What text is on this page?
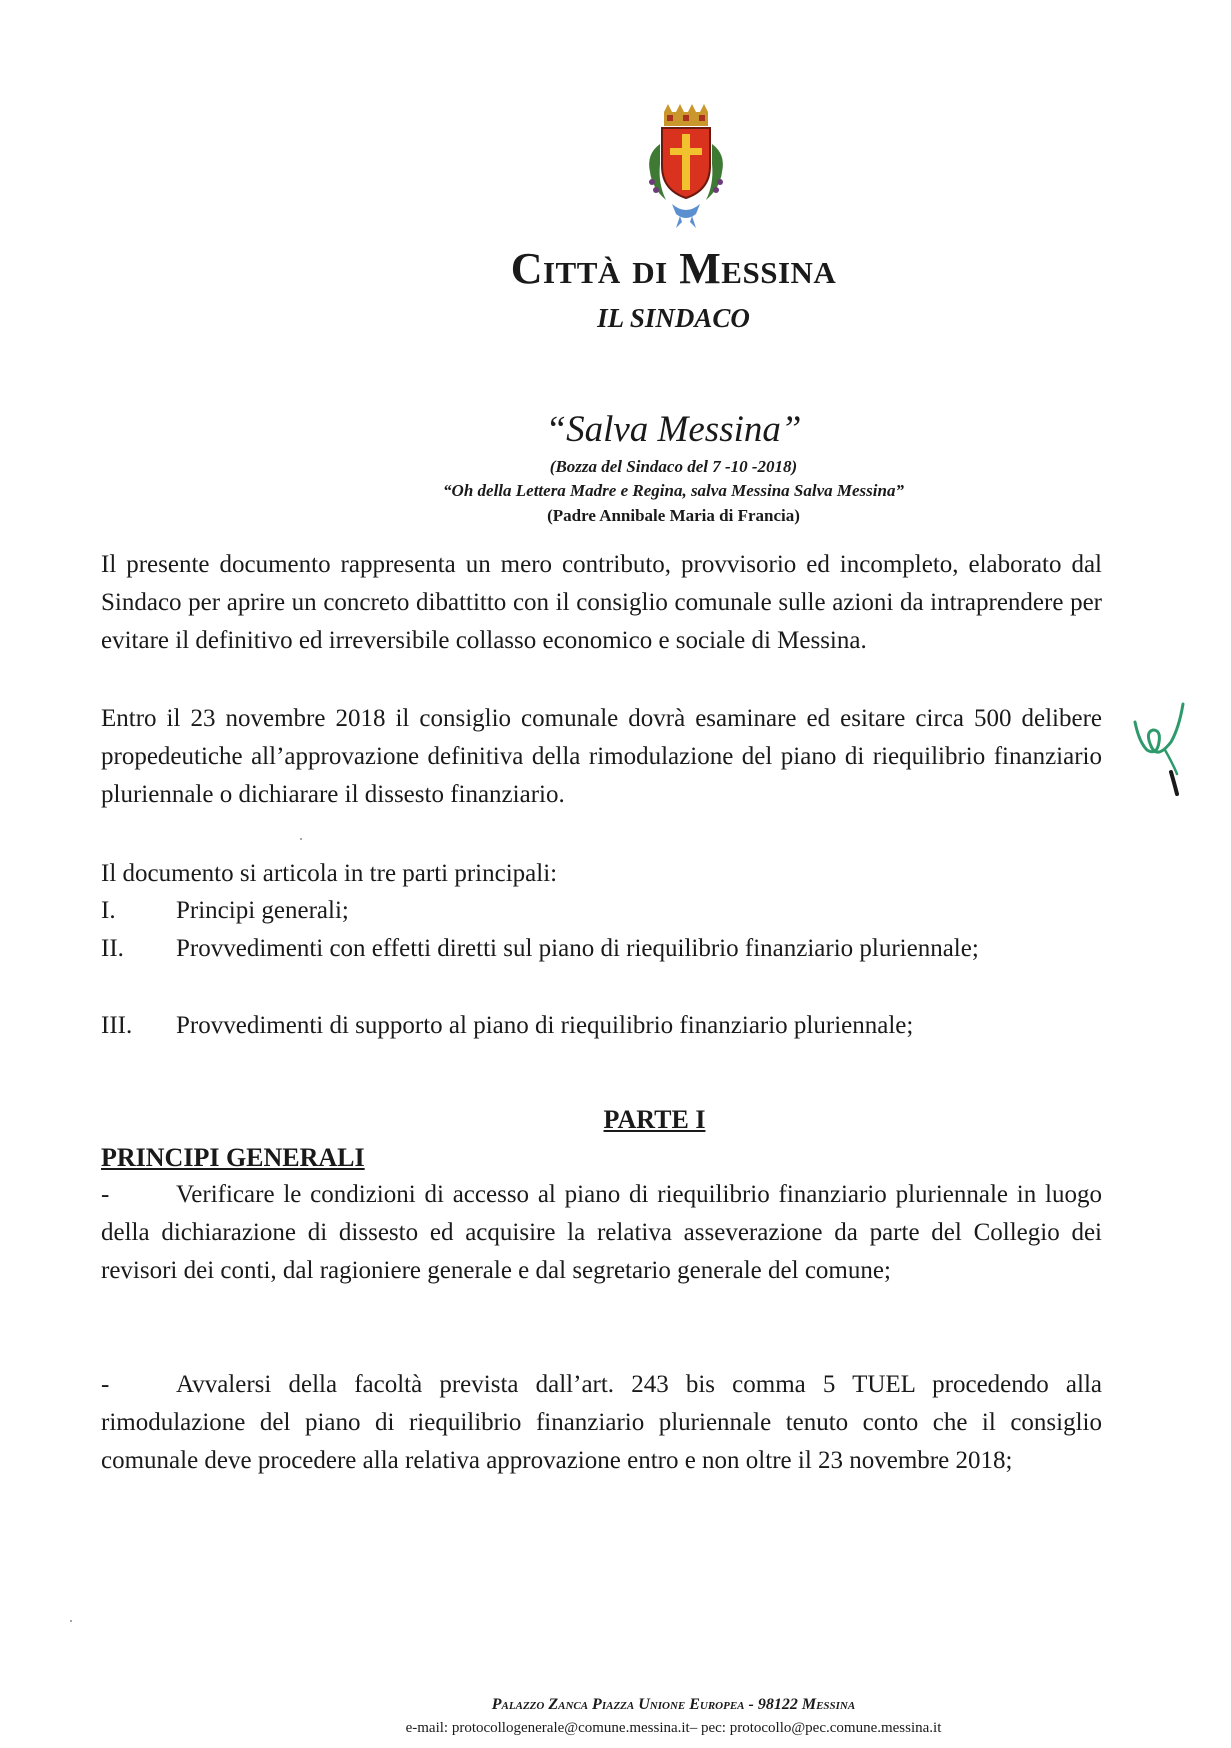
Città di Messina
IL SINDACO
“Salva Messina”
(Bozza del Sindaco del 7 -10 -2018)
“Oh della Lettera Madre e Regina, salva Messina Salva Messina”
(Padre Annibale Maria di Francia)

Il presente documento rappresenta un mero contributo, provvisorio ed incompleto, elaborato dal Sindaco per aprire un concreto dibattitto con il consiglio comunale sulle azioni da intraprendere per evitare il definitivo ed irreversibile collasso economico e sociale di Messina.

Entro il 23 novembre 2018 il consiglio comunale dovrà esaminare ed esitare circa 500 delibere propedeutiche all’approvazione definitiva della rimodulazione del piano di riequilibrio finanziario pluriennale o dichiarare il dissesto finanziario.

Il documento si articola in tre parti principali:
I.	Principi generali;
II.	Provvedimenti con effetti diretti sul piano di riequilibrio finanziario pluriennale;
III.	Provvedimenti di supporto al piano di riequilibrio finanziario pluriennale;
PARTE I
PRINCIPI GENERALI
-	Verificare le condizioni di accesso al piano di riequilibrio finanziario pluriennale in luogo della dichiarazione di dissesto ed acquisire la relativa asseverazione da parte del Collegio dei revisori dei conti, dal ragioniere generale e dal segretario generale del comune;
-	Avvalersi della facoltà prevista dall’art. 243 bis comma 5 TUEL procedendo alla rimodulazione del piano di riequilibrio finanziario pluriennale tenuto conto che il consiglio comunale deve procedere alla relativa approvazione entro e non oltre il 23 novembre 2018;
Palazzo Zanca Piazza Unione Europea - 98122 Messina
e-mail: protocollogenerale@comune.messina.it– pec: protocollo@pec.comune.messina.it
